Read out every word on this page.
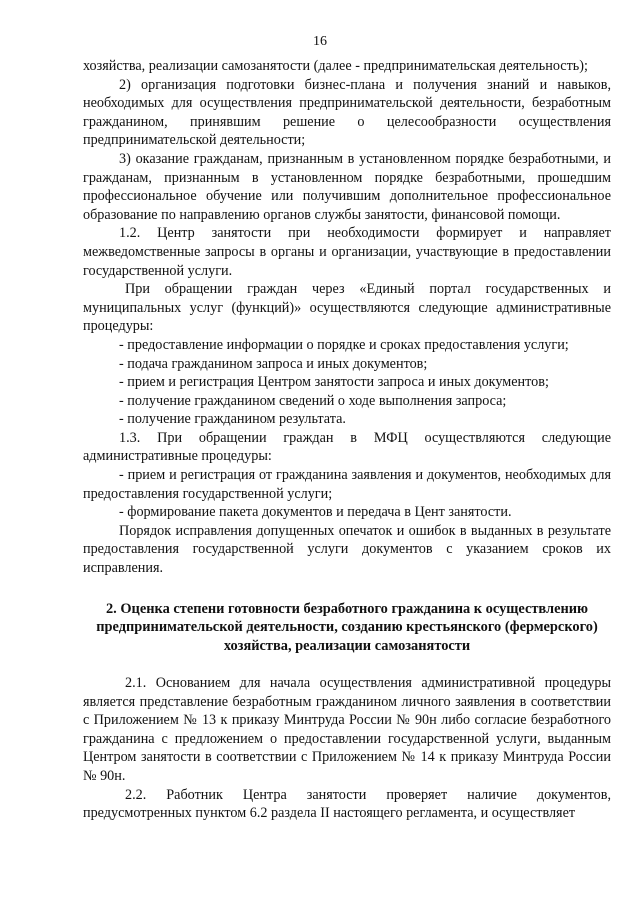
16

хозяйства, реализации самозанятости (далее - предпринимательская деятельность);

2) организация подготовки бизнес-плана и получения знаний и навыков, необходимых для осуществления предпринимательской деятельности, безработным гражданином, принявшим решение о целесообразности осуществления предпринимательской деятельности;

3) оказание гражданам, признанным в установленном порядке безработными, и гражданам, признанным в установленном порядке безработными, прошедшим профессиональное обучение или получившим дополнительное профессиональное образование по направлению органов службы занятости, финансовой помощи.

1.2. Центр занятости при необходимости формирует и направляет межведомственные запросы в органы и организации, участвующие в предоставлении государственной услуги.

При обращении граждан через «Единый портал государственных и муниципальных услуг (функций)» осуществляются следующие административные процедуры:

- предоставление информации о порядке и сроках предоставления услуги;

- подача гражданином запроса и иных документов;

- прием и регистрация Центром занятости запроса и иных документов;

- получение гражданином сведений о ходе выполнения запроса;

- получение гражданином результата.

1.3. При обращении граждан в МФЦ осуществляются следующие административные процедуры:

- прием и регистрация от гражданина заявления и документов, необходимых для предоставления государственной услуги;

- формирование пакета документов и передача в Цент занятости.

Порядок исправления допущенных опечаток и ошибок в выданных в результате предоставления государственной услуги документов с указанием сроков их исправления.

2. Оценка степени готовности безработного гражданина к осуществлению предпринимательской деятельности, созданию крестьянского (фермерского) хозяйства, реализации самозанятости

2.1. Основанием для начала осуществления административной процедуры является представление безработным гражданином личного заявления в соответствии с Приложением № 13 к приказу Минтруда России № 90н либо согласие безработного гражданина с предложением о предоставлении государственной услуги, выданным Центром занятости в соответствии с Приложением № 14 к приказу Минтруда России № 90н.

2.2. Работник Центра занятости проверяет наличие документов, предусмотренных пунктом 6.2 раздела II настоящего регламента, и осуществляет
